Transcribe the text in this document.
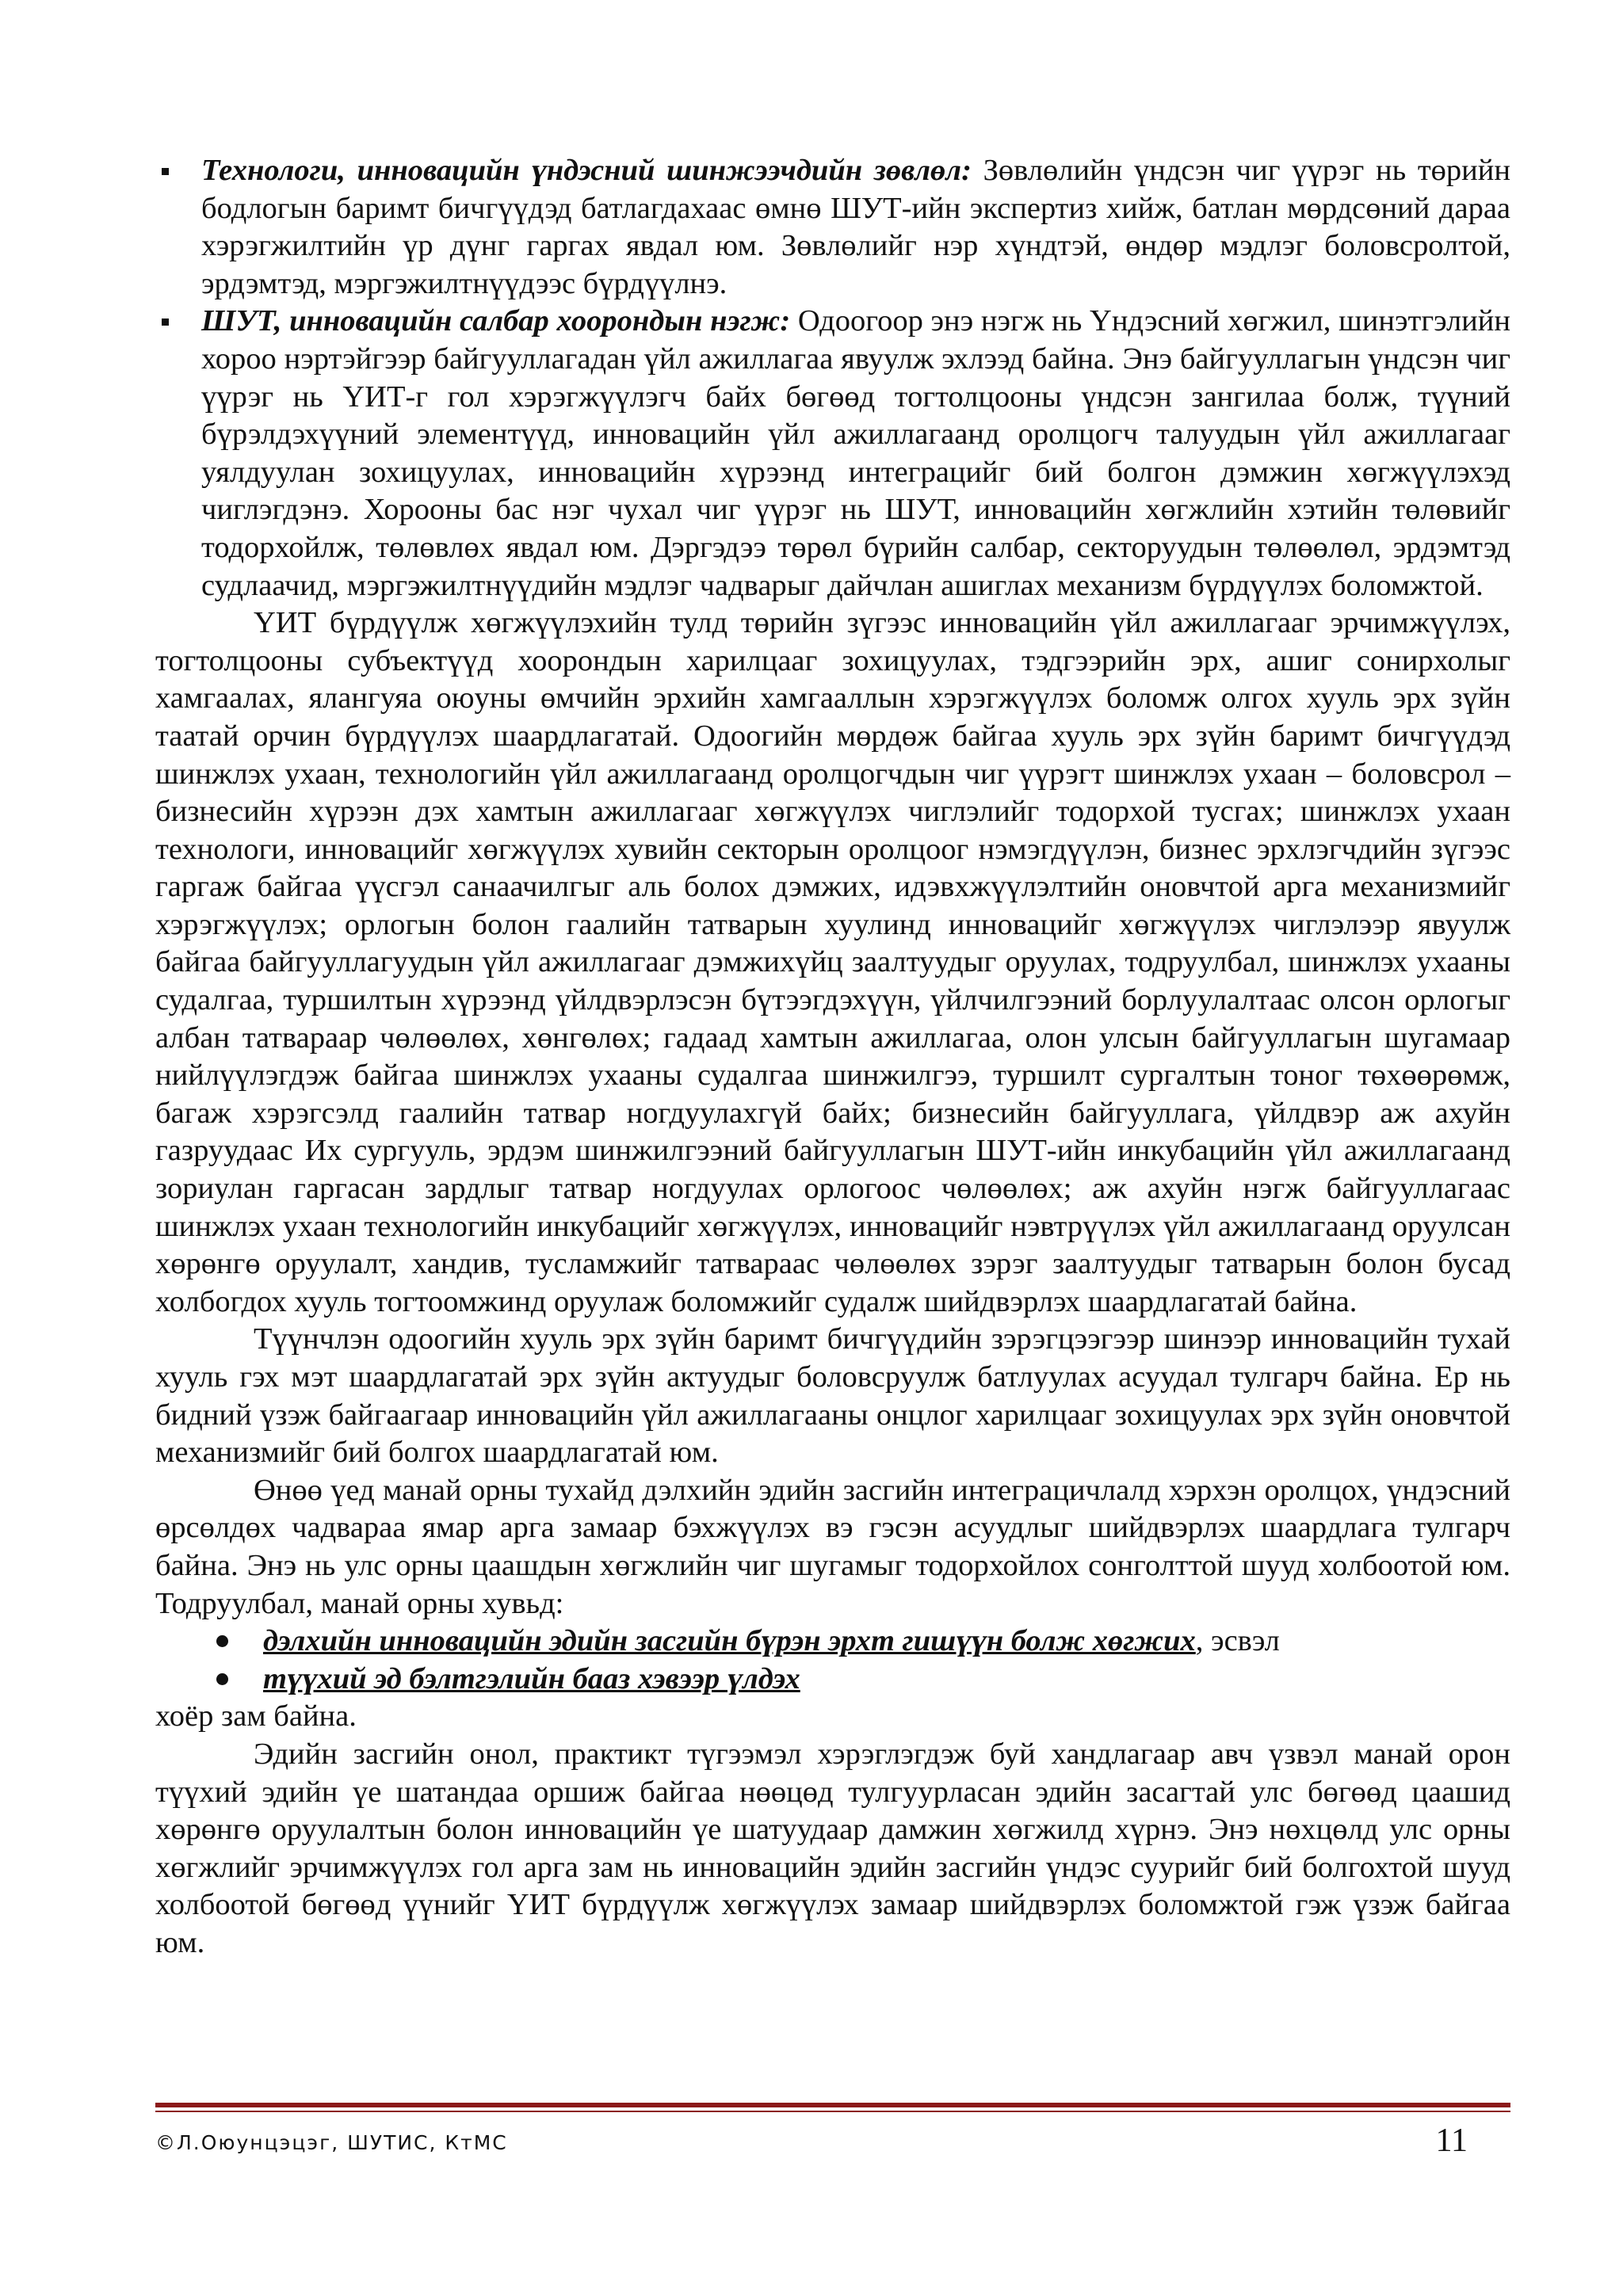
Технологи, инновацийн үндэсний шинжээчдийн зөвлөл: Зөвлөлийн үндсэн чиг үүрэг нь төрийн бодлогын баримт бичгүүдэд батлагдахаас өмнө ШУТ-ийн экспертиз хийж, батлан мөрдсөний дараа хэрэгжилтийн үр дүнг гаргах явдал юм. Зөвлөлийг нэр хүндтэй, өндөр мэдлэг боловсролтой, эрдэмтэд, мэргэжилтнүүдээс бүрдүүлнэ.

ШУТ, инновацийн салбар хоорондын нэгж: Одоогоор энэ нэгж нь Үндэсний хөгжил, шинэтгэлийн хороо нэртэйгээр байгууллагадан үйл ажиллагаа явуулж эхлээд байна. Энэ байгууллагын үндсэн чиг үүрэг нь ҮИТ-г гол хэрэгжүүлэгч байх бөгөөд тогтолцооны үндсэн зангилаа болж, түүний бүрэлдэхүүний элементүүд, инновацийн үйл ажиллагаанд оролцогч талуудын үйл ажиллагааг уялдуулан зохицуулах, инновацийн хүрээнд интеграцийг бий болгон дэмжин хөгжүүлэхэд чиглэгдэнэ. Хорооны бас нэг чухал чиг үүрэг нь ШУТ, инновацийн хөгжлийн хэтийн төлөвийг тодорхойлж, төлөвлөх явдал юм. Дэргэдээ төрөл бүрийн салбар, секторуудын төлөөлөл, эрдэмтэд судлаачид, мэргэжилтнүүдийн мэдлэг чадварыг дайчлан ашиглах механизм бүрдүүлэх боломжтой.

ҮИТ бүрдүүлж хөгжүүлэхийн тулд төрийн зүгээс инновацийн үйл ажиллагааг эрчимжүүлэх, тогтолцооны субъектүүд хоорондын харилцааг зохицуулах, тэдгээрийн эрх, ашиг сонирхолыг хамгаалах, ялангуяа оюуны өмчийн эрхийн хамгааллын хэрэгжүүлэх боломж олгох хууль эрх зүйн таатай орчин бүрдүүлэх шаардлагатай. Одоогийн мөрдөж байгаа хууль эрх зүйн баримт бичгүүдэд шинжлэх ухаан, технологийн үйл ажиллагаанд оролцогчдын чиг үүрэгт шинжлэх ухаан – боловсрол – бизнесийн хүрээн дэх хамтын ажиллагааг хөгжүүлэх чиглэлийг тодорхой тусгах; шинжлэх ухаан технологи, инновацийг хөгжүүлэх хувийн секторын оролцоог нэмэгдүүлэн, бизнес эрхлэгчдийн зүгээс гаргаж байгаа үүсгэл санаачилгыг аль болох дэмжих, идэвхжүүлэлтийн оновчтой арга механизмийг хэрэгжүүлэх; орлогын болон гаалийн татварын хуулинд инновацийг хөгжүүлэх чиглэлээр явуулж байгаа байгууллагуудын үйл ажиллагааг дэмжихүйц заалтуудыг оруулах, тодруулбал, шинжлэх ухааны судалгаа, туршилтын хүрээнд үйлдвэрлэсэн бүтээгдэхүүн, үйлчилгээний борлуулалтаас олсон орлогыг албан татвараар чөлөөлөх, хөнгөлөх; гадаад хамтын ажиллагаа, олон улсын байгууллагын шугамаар нийлүүлэгдэж байгаа шинжлэх ухааны судалгаа шинжилгээ, туршилт сургалтын тоног төхөөрөмж, багаж хэрэгсэлд гаалийн татвар ногдуулахгүй байх; бизнесийн байгууллага, үйлдвэр аж ахуйн газруудаас Их сургууль, эрдэм шинжилгээний байгууллагын ШУТ-ийн инкубацийн үйл ажиллагаанд зориулан гаргасан зардлыг татвар ногдуулах орлогоос чөлөөлөх; аж ахуйн нэгж байгууллагаас шинжлэх ухаан технологийн инкубацийг хөгжүүлэх, инновацийг нэвтрүүлэх үйл ажиллагаанд оруулсан хөрөнгө оруулалт, хандив, тусламжийг татвараас чөлөөлөх зэрэг заалтуудыг татварын болон бусад холбогдох хууль тогтоомжинд оруулаж боломжийг судалж шийдвэрлэх шаардлагатай байна.

Түүнчлэн одоогийн хууль эрх зүйн баримт бичгүүдийн зэрэгцээгээр шинээр инновацийн тухай хууль гэх мэт шаардлагатай эрх зүйн актуудыг боловсруулж батлуулах асуудал тулгарч байна. Ер нь бидний үзэж байгаагаар инновацийн үйл ажиллагааны онцлог харилцааг зохицуулах эрх зүйн оновчтой механизмийг бий болгох шаардлагатай юм.

Өнөө үед манай орны тухайд дэлхийн эдийн засгийн интеграцичлалд хэрхэн оролцох, үндэсний өрсөлдөх чадвараа ямар арга замаар бэхжүүлэх вэ гэсэн асуудлыг шийдвэрлэх шаардлага тулгарч байна. Энэ нь улс орны цаашдын хөгжлийн чиг шугамыг тодорхойлох сонголттой шууд холбоотой юм. Тодруулбал, манай орны хувьд:

дэлхийн инновацийн эдийн засгийн бүрэн эрхт гишүүн болж хөгжих, эсвэл

түүхий эд бэлтгэлийн бааз хэвээр үлдэх

хоёр зам байна.

Эдийн засгийн онол, практикт түгээмэл хэрэглэгдэж буй хандлагаар авч үзвэл манай орон түүхий эдийн үе шатандаа оршиж байгаа нөөцөд тулгуурласан эдийн засагтай улс бөгөөд цаашид хөрөнгө оруулалтын болон инновацийн үе шатуудаар дамжин хөгжилд хүрнэ. Энэ нөхцөлд улс орны хөгжлийг эрчимжүүлэх гол арга зам нь инновацийн эдийн засгийн үндэс суурийг бий болгохтой шууд холбоотой бөгөөд үүнийг ҮИТ бүрдүүлж хөгжүүлэх замаар шийдвэрлэх боломжтой гэж үзэж байгаа юм.

©Л.Оюунцэцэг, ШУТИС, КтМС	11
